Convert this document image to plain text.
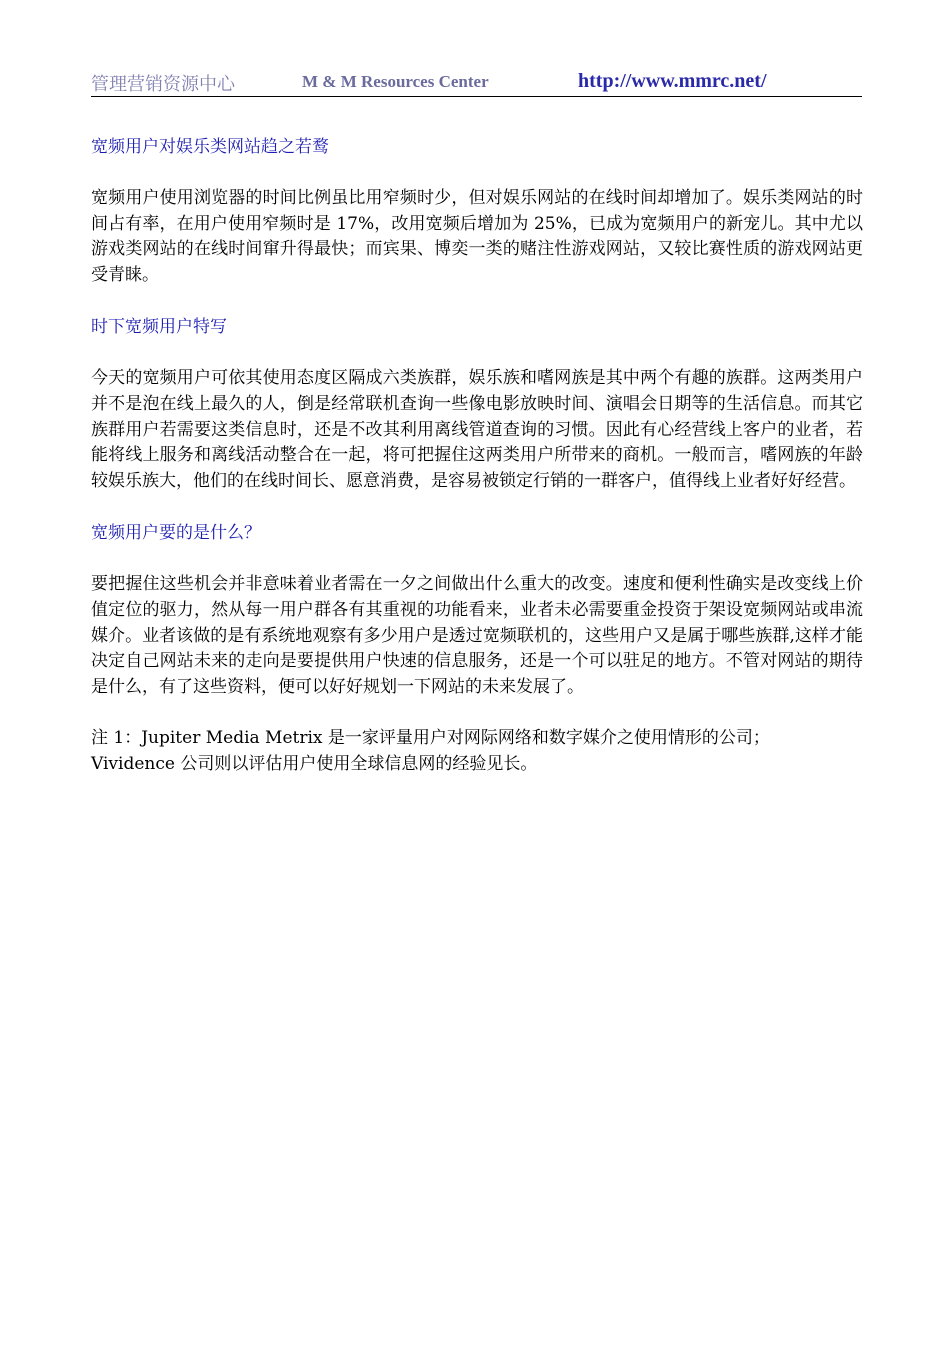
管理营销资源中心	M & M Resources Center	http://www.mmrc.net/
宽频用户对娱乐类网站趋之若鹜

宽频用户使用浏览器的时间比例虽比用窄频时少，但对娱乐网站的在线时间却增加了。娱乐类网站的时间占有率，在用户使用窄频时是 17%，改用宽频后增加为 25%，已成为宽频用户的新宠儿。其中尤以游戏类网站的在线时间窜升得最快；而宾果、博奕一类的赌注性游戏网站，又较比赛性质的游戏网站更受青睐。

时下宽频用户特写

今天的宽频用户可依其使用态度区隔成六类族群，娱乐族和嗜网族是其中两个有趣的族群。这两类用户并不是泡在线上最久的人，倒是经常联机查询一些像电影放映时间、演唱会日期等的生活信息。而其它族群用户若需要这类信息时，还是不改其利用离线管道查询的习惯。因此有心经营线上客户的业者，若能将线上服务和离线活动整合在一起，将可把握住这两类用户所带来的商机。一般而言，嗜网族的年龄较娱乐族大，他们的在线时间长、愿意消费，是容易被锁定行销的一群客户，值得线上业者好好经营。

宽频用户要的是什么？

要把握住这些机会并非意味着业者需在一夕之间做出什么重大的改变。速度和便利性确实是改变线上价值定位的驱力，然从每一用户群各有其重视的功能看来，业者未必需要重金投资于架设宽频网站或串流媒介。业者该做的是有系统地观察有多少用户是透过宽频联机的，这些用户又是属于哪些族群,这样才能决定自己网站未来的走向是要提供用户快速的信息服务，还是一个可以驻足的地方。不管对网站的期待是什么，有了这些资料，便可以好好规划一下网站的未来发展了。

注 1：Jupiter Media Metrix 是一家评量用户对网际网络和数字媒介之使用情形的公司；
Vividence 公司则以评估用户使用全球信息网的经验见长。
